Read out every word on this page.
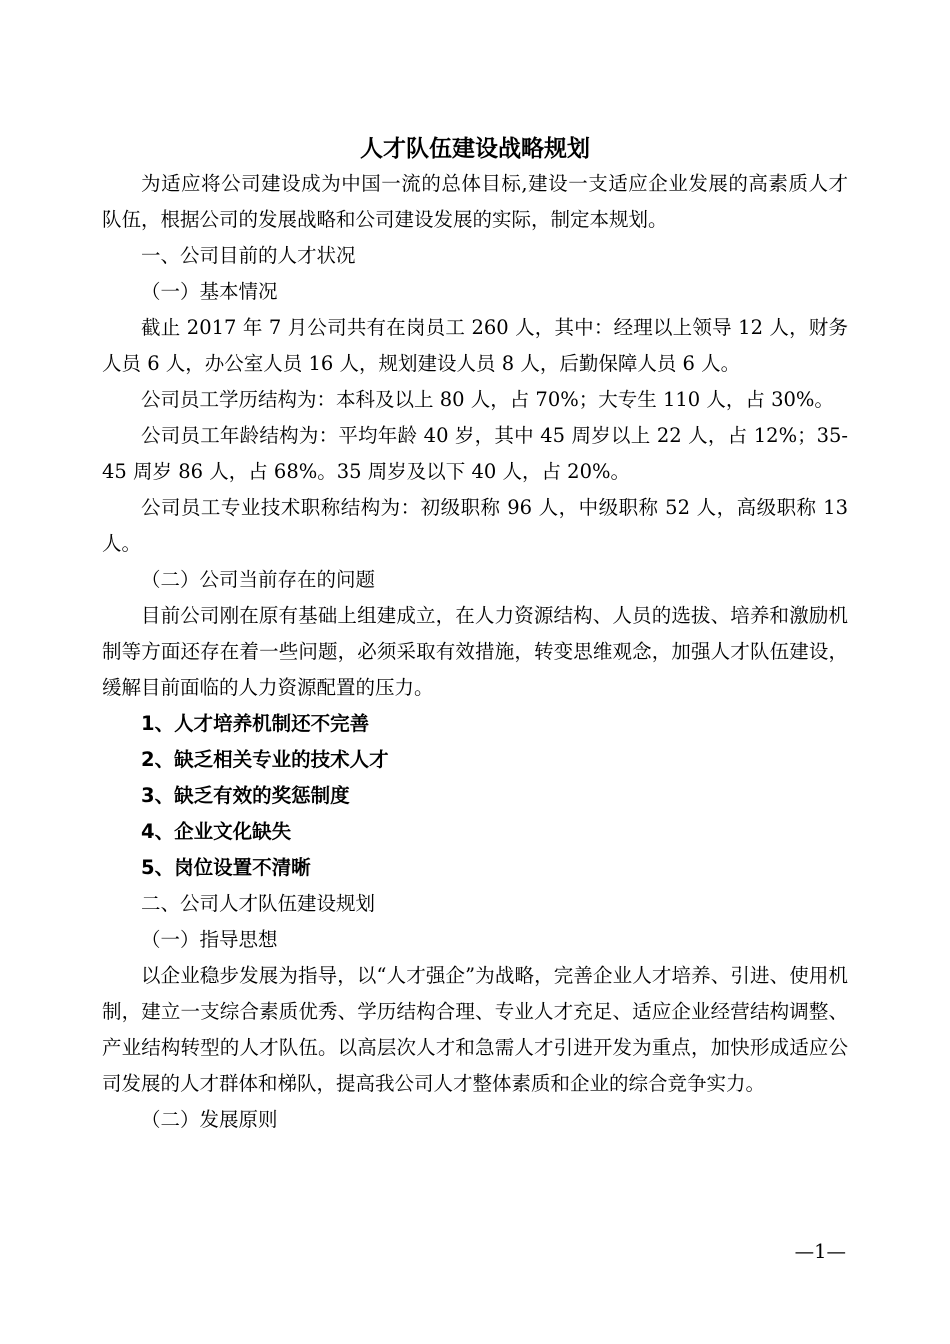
人才队伍建设战略规划

为适应将公司建设成为中国一流的总体目标,建设一支适应企业发展的高素质人才队伍，根据公司的发展战略和公司建设发展的实际，制定本规划。

一、公司目前的人才状况

（一）基本情况

截止 2017 年 7 月公司共有在岗员工 260 人，其中：经理以上领导 12 人，财务人员 6 人，办公室人员 16 人，规划建设人员 8 人，后勤保障人员 6 人。

公司员工学历结构为：本科及以上 80 人，占 70%；大专生 110 人，占 30%。

公司员工年龄结构为：平均年龄 40 岁，其中 45 周岁以上 22 人，占 12%；35-45 周岁 86 人，占 68%。35 周岁及以下 40 人，占 20%。

公司员工专业技术职称结构为：初级职称 96 人，中级职称 52 人，高级职称 13 人。

（二）公司当前存在的问题

目前公司刚在原有基础上组建成立，在人力资源结构、人员的选拔、培养和激励机制等方面还存在着一些问题，必须采取有效措施，转变思维观念，加强人才队伍建设，缓解目前面临的人力资源配置的压力。

1、人才培养机制还不完善

2、缺乏相关专业的技术人才

3、缺乏有效的奖惩制度

4、企业文化缺失

5、岗位设置不清晰

二、公司人才队伍建设规划

（一）指导思想

以企业稳步发展为指导，以“人才强企”为战略，完善企业人才培养、引进、使用机制，建立一支综合素质优秀、学历结构合理、专业人才充足、适应企业经营结构调整、产业结构转型的人才队伍。以高层次人才和急需人才引进开发为重点，加快形成适应公司发展的人才群体和梯队，提高我公司人才整体素质和企业的综合竞争实力。

（二）发展原则

—1—
